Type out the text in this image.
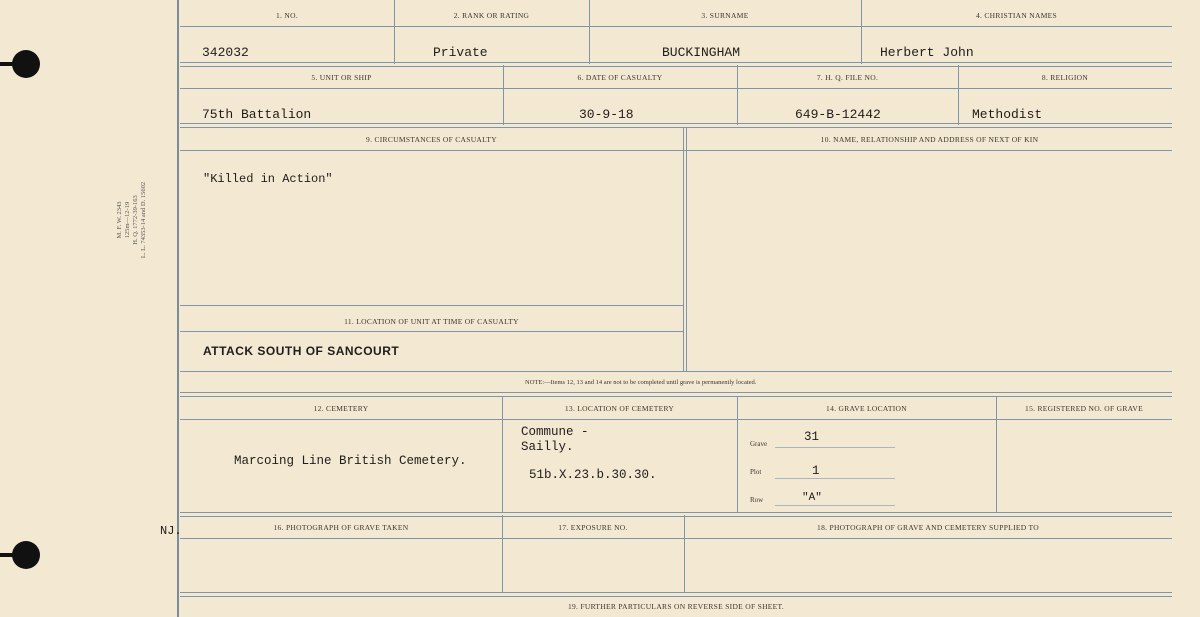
M. F. W. 2343 125m—12-19 H. Q. 1772-39-163 L. L. 74353-14 and D. 15602
NJ.
1. NO.	2. RANK OR RATING	3. SURNAME	4. CHRISTIAN NAMES
342032	Private	BUCKINGHAM	Herbert John
5. UNIT OR SHIP	6. DATE OF CASUALTY	7. H. Q. FILE NO.	8. RELIGION
75th Battalion	30-9-18	649-B-12442	Methodist
9. CIRCUMSTANCES OF CASUALTY	10. NAME, RELATIONSHIP AND ADDRESS OF NEXT OF KIN
"Killed in Action"
11. LOCATION OF UNIT AT TIME OF CASUALTY
ATTACK SOUTH OF SANCOURT
NOTE:—Items 12, 13 and 14 are not to be completed until grave is permanently located.
12. CEMETERY	13. LOCATION OF CEMETERY	14. GRAVE LOCATION	15. REGISTERED NO. OF GRAVE
Marcoing Line British Cemetery.
Commune -
Sailly.
51b.X.23.b.30.30.
Grave	31
Plot	1
Row	"A"
16. PHOTOGRAPH OF GRAVE TAKEN	17. EXPOSURE NO.	18. PHOTOGRAPH OF GRAVE AND CEMETERY SUPPLIED TO
19. FURTHER PARTICULARS ON REVERSE SIDE OF SHEET.
